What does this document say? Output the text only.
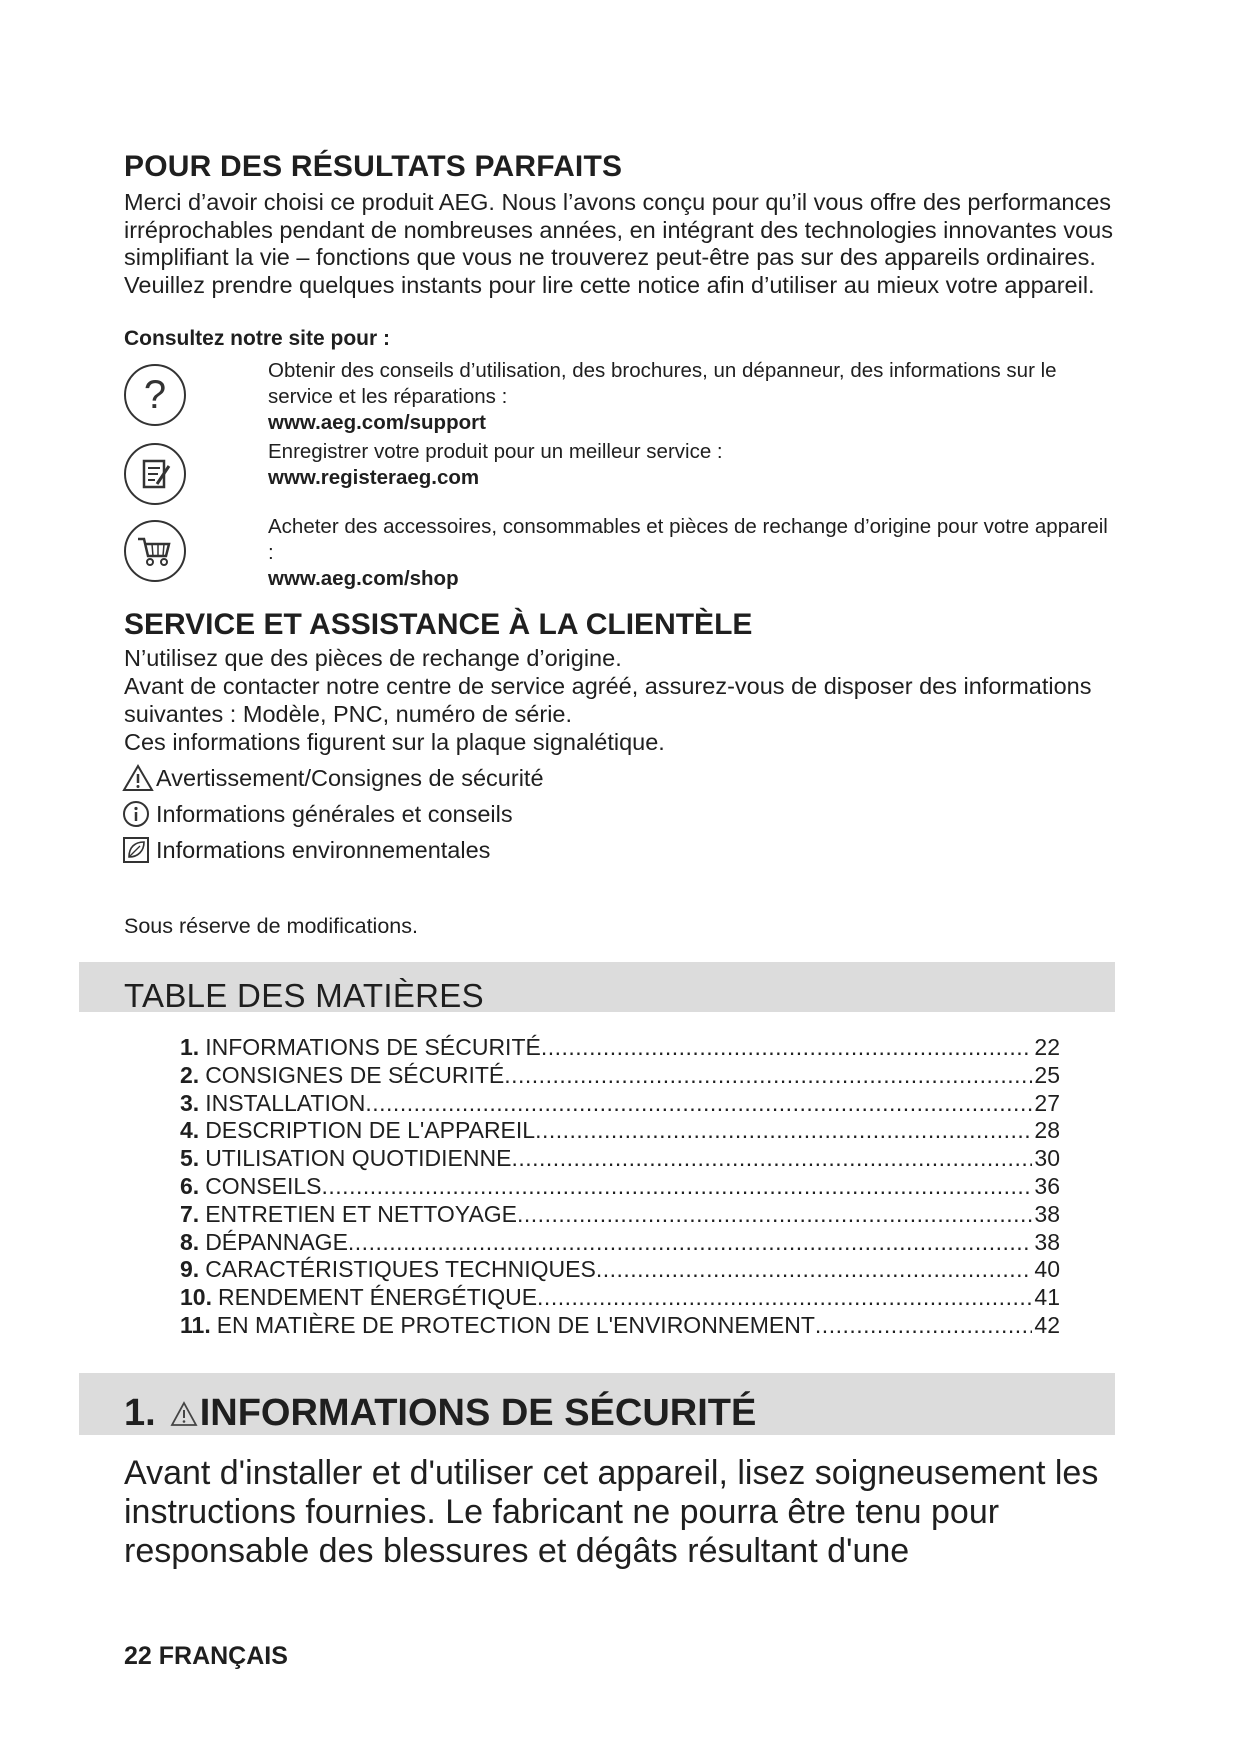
POUR DES RÉSULTATS PARFAITS
Merci d’avoir choisi ce produit AEG. Nous l’avons conçu pour qu’il vous offre des performances irréprochables pendant de nombreuses années, en intégrant des technologies innovantes vous simplifiant la vie – fonctions que vous ne trouverez peut-être pas sur des appareils ordinaires. Veuillez prendre quelques instants pour lire cette notice afin d’utiliser au mieux votre appareil.
Consultez notre site pour :
?
Obtenir des conseils d’utilisation, des brochures, un dépanneur, des informations sur le service et les réparations :
www.aeg.com/support
Enregistrer votre produit pour un meilleur service :
www.registeraeg.com
Acheter des accessoires, consommables et pièces de rechange d’origine pour votre appareil :
www.aeg.com/shop
SERVICE ET ASSISTANCE À LA CLIENTÈLE
N’utilisez que des pièces de rechange d’origine.
Avant de contacter notre centre de service agréé, assurez-vous de disposer des informations suivantes : Modèle, PNC, numéro de série.
Ces informations figurent sur la plaque signalétique.
Avertissement/Consignes de sécurité
Informations générales et conseils
Informations environnementales
Sous réserve de modifications.
TABLE DES MATIÈRES
1. INFORMATIONS DE SÉCURITÉ .....	22
2. CONSIGNES DE SÉCURITÉ .....	25
3. INSTALLATION .....	27
4. DESCRIPTION DE L'APPAREIL .....	28
5. UTILISATION QUOTIDIENNE .....	30
6. CONSEILS .....	36
7. ENTRETIEN ET NETTOYAGE .....	38
8. DÉPANNAGE .....	38
9. CARACTÉRISTIQUES TECHNIQUES .....	40
10. RENDEMENT ÉNERGÉTIQUE .....	41
11. EN MATIÈRE DE PROTECTION DE L'ENVIRONNEMENT .....	42
1. INFORMATIONS DE SÉCURITÉ
Avant d'installer et d'utiliser cet appareil, lisez soigneusement les instructions fournies. Le fabricant ne pourra être tenu pour responsable des blessures et dégâts résultant d'une
22 FRANÇAIS
